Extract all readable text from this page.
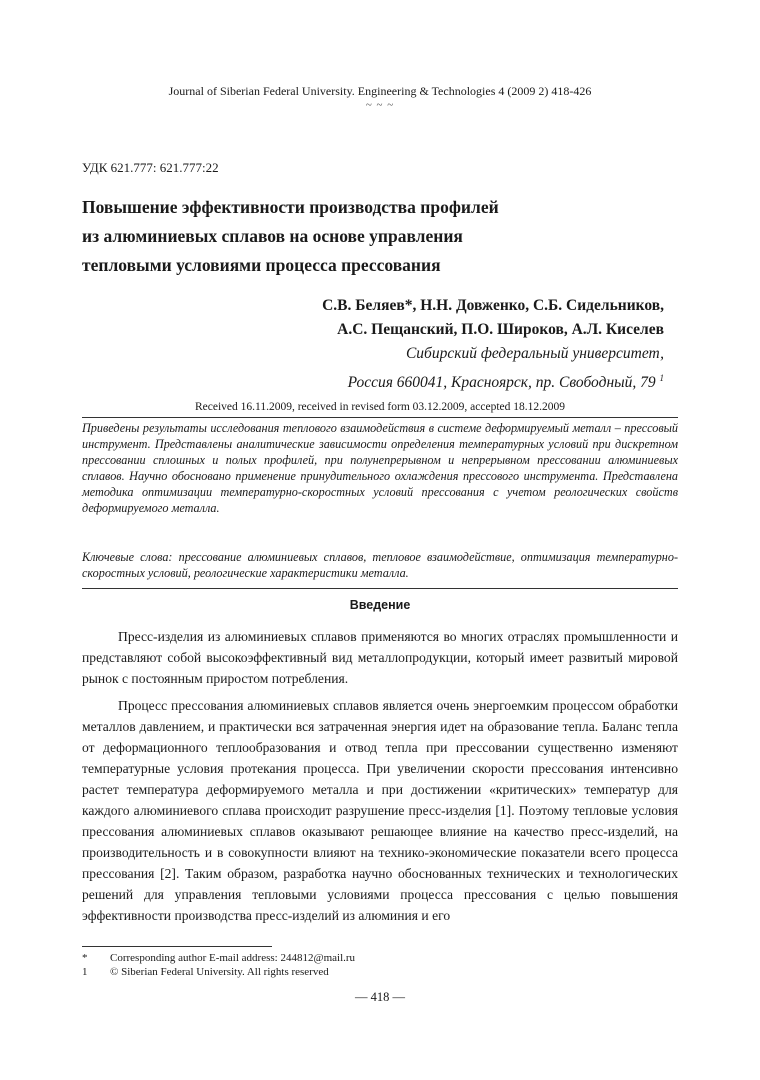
Journal of Siberian Federal University. Engineering & Technologies 4 (2009 2) 418-426
~ ~ ~
УДК 621.777: 621.777:22
Повышение эффективности производства профилей
из алюминиевых сплавов на основе управления
тепловыми условиями процесса прессования
С.В. Беляев*, Н.Н. Довженко, С.Б. Сидельников,
А.С. Пещанский, П.О. Широков, А.Л. Киселев
Сибирский федеральный университет,
Россия 660041, Красноярск, пр. Свободный, 79 $^1$
Received 16.11.2009, received in revised form 03.12.2009, accepted 18.12.2009
Приведены результаты исследования теплового взаимодействия в системе деформируемый металл – прессовый инструмент. Представлены аналитические зависимости определения температурных условий при дискретном прессовании сплошных и полых профилей, при полунепрерывном и непрерывном прессовании алюминиевых сплавов. Научно обосновано применение принудительного охлаждения прессового инструмента. Представлена методика оптимизации температурно-скоростных условий прессования с учетом реологических свойств деформируемого металла.
Ключевые слова: прессование алюминиевых сплавов, тепловое взаимодействие, оптимизация температурно-скоростных условий, реологические характеристики металла.
Введение

Пресс-изделия из алюминиевых сплавов применяются во многих отраслях промышленности и представляют собой высокоэффективный вид металлопродукции, который имеет развитый мировой рынок с постоянным приростом потребления.

Процесс прессования алюминиевых сплавов является очень энергоемким процессом обработки металлов давлением, и практически вся затраченная энергия идет на образование тепла. Баланс тепла от деформационного теплообразования и отвод тепла при прессовании существенно изменяют температурные условия протекания процесса. При увеличении скорости прессования интенсивно растет температура деформируемого металла и при достижении «критических» температур для каждого алюминиевого сплава происходит разрушение пресс-изделия [1]. Поэтому тепловые условия прессования алюминиевых сплавов оказывают решающее влияние на качество пресс-изделий, на производительность и в совокупности влияют на технико-экономические показатели всего процесса прессования [2]. Таким образом, разработка научно обоснованных технических и технологических решений для управления тепловыми условиями процесса прессования с целью повышения эффективности производства пресс-изделий из алюминия и его

*	Corresponding author E-mail address: 244812@mail.ru
1	© Siberian Federal University. All rights reserved
― 418 ―
